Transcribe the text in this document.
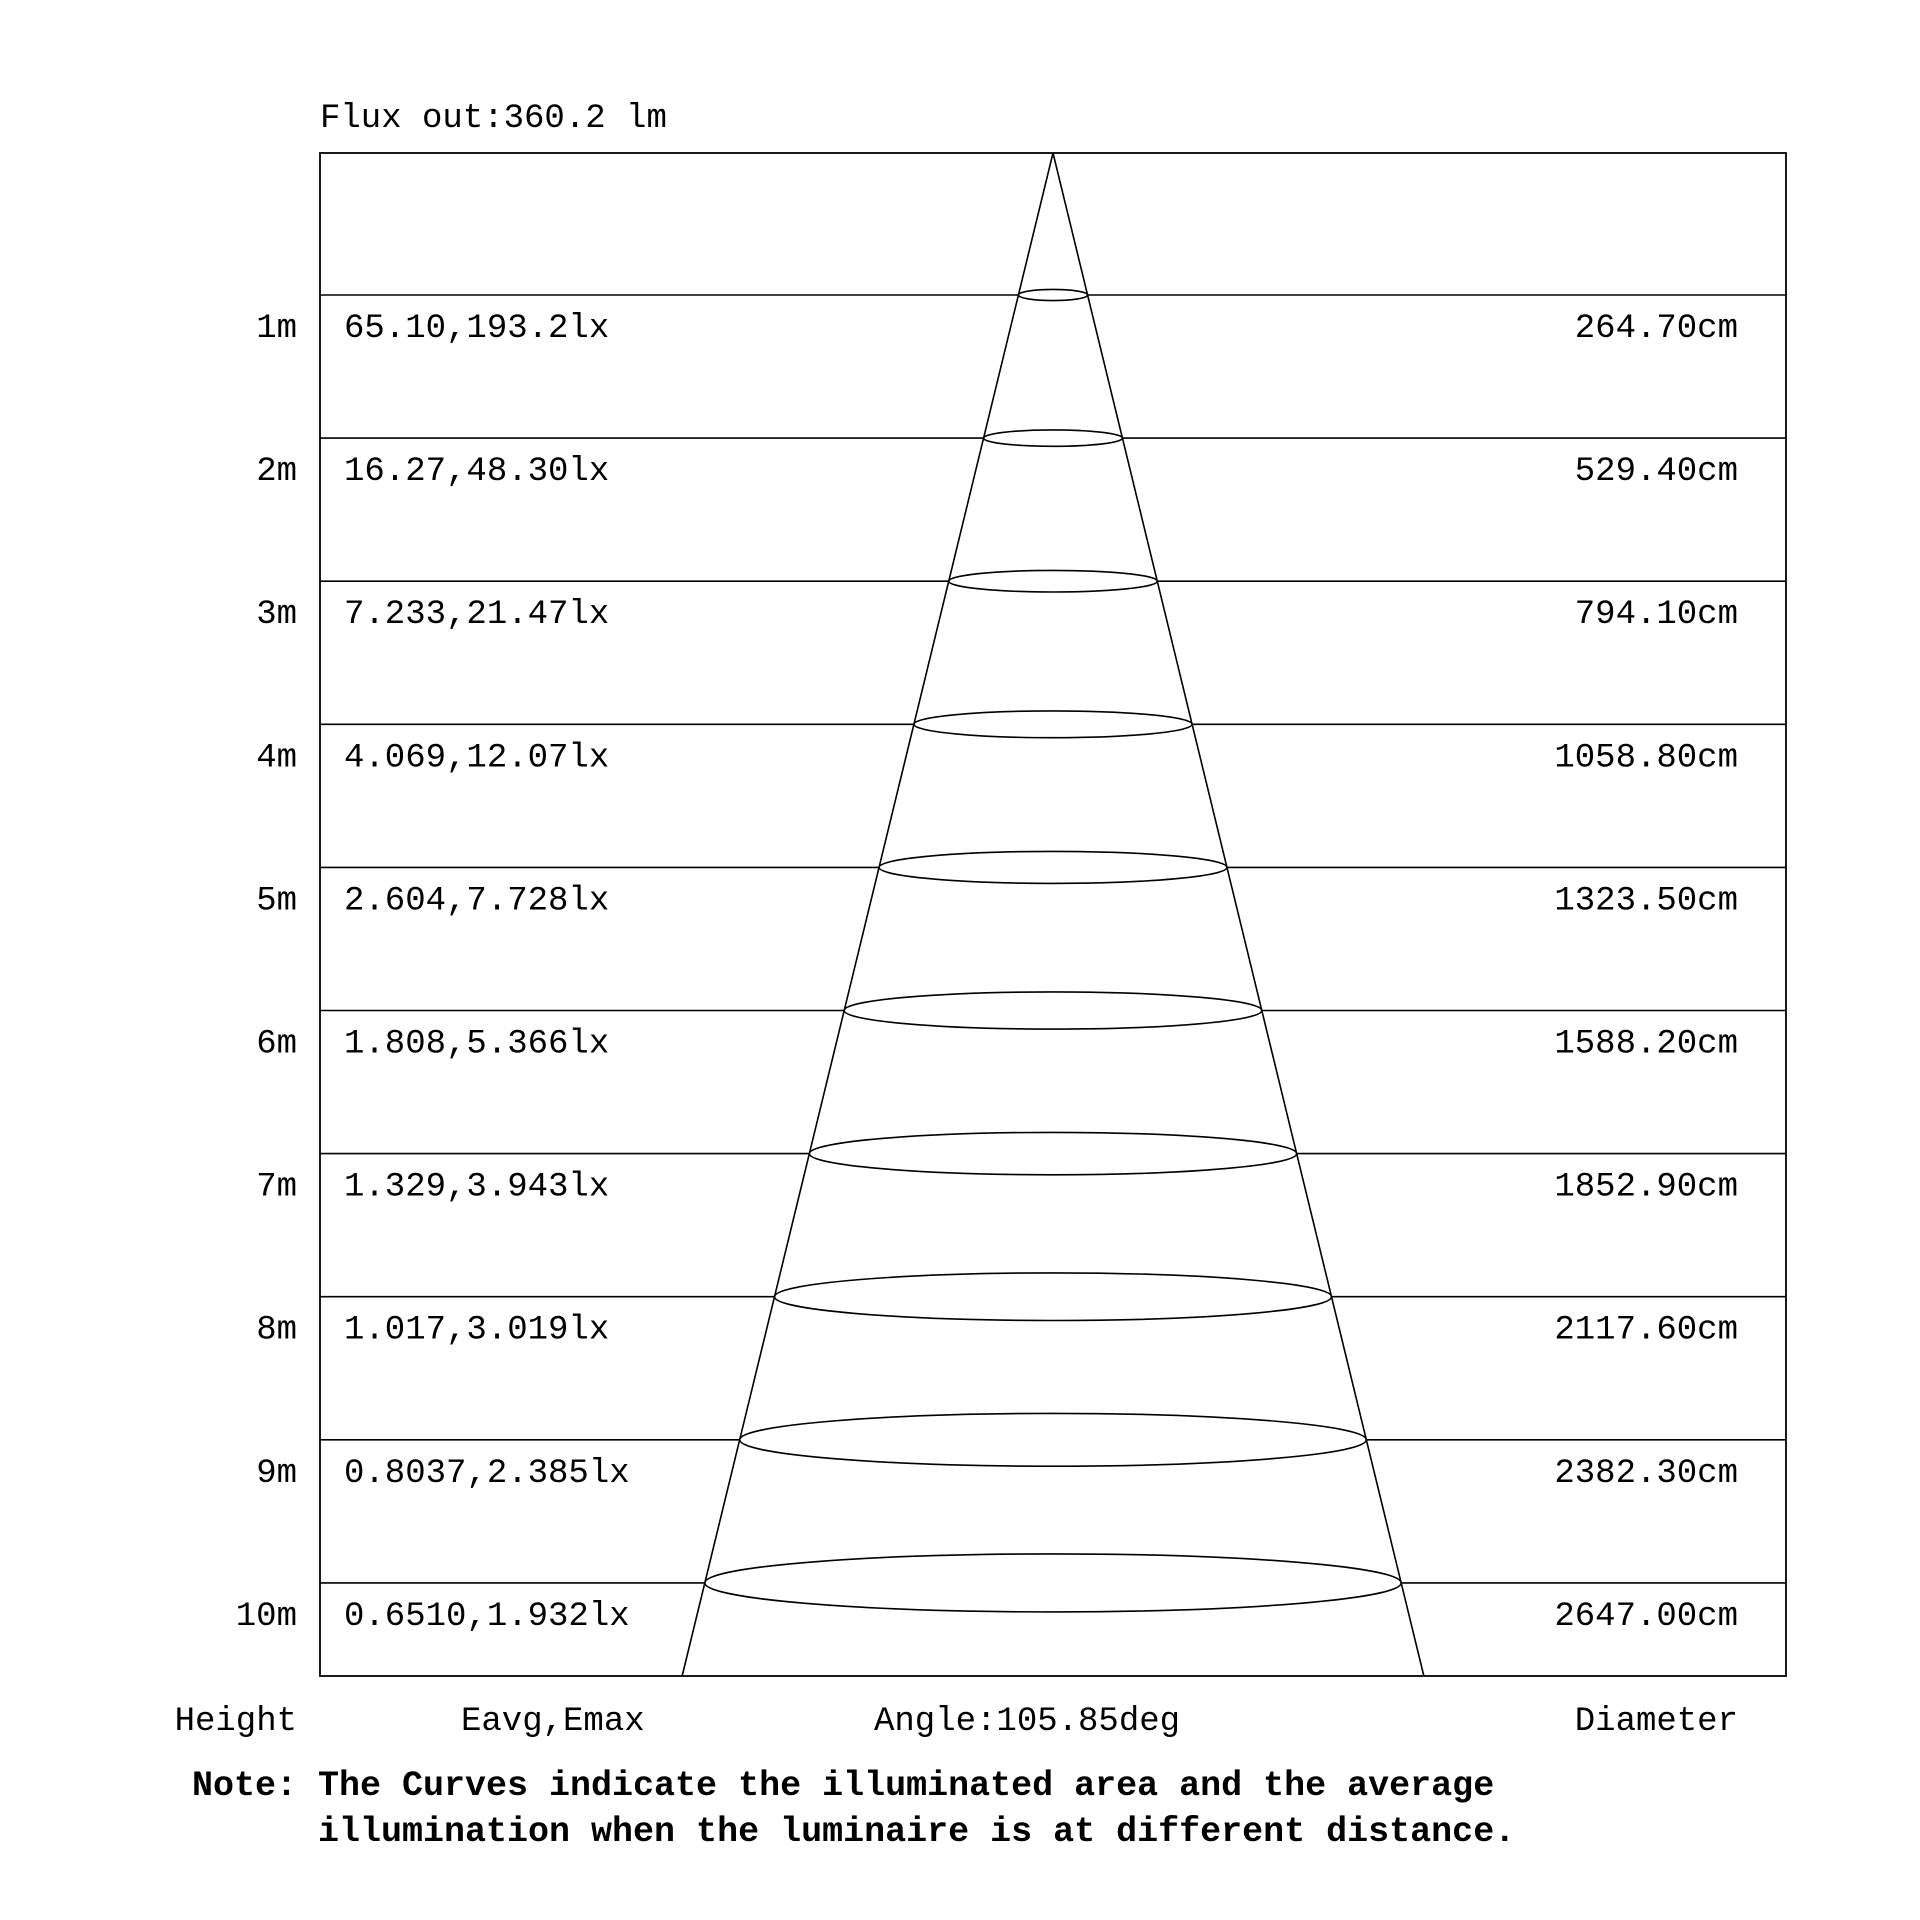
Flux out:360.2 lm
1m 65.10,193.2lx	264.70cm
2m 16.27,48.30lx	529.40cm
3m 7.233,21.47lx	794.10cm
4m 4.069,12.07lx	1058.80cm
5m 2.604,7.728lx	1323.50cm
6m 1.808,5.366lx	1588.20cm
7m 1.329,3.943lx	1852.90cm
8m 1.017,3.019lx	2117.60cm
9m 0.8037,2.385lx	2382.30cm
10m 0.6510,1.932lx	2647.00cm
Height	Eavg,Emax	Angle:105.85deg	Diameter
Note: The Curves indicate the illuminated area and the average
illumination when the luminaire is at different distance.
